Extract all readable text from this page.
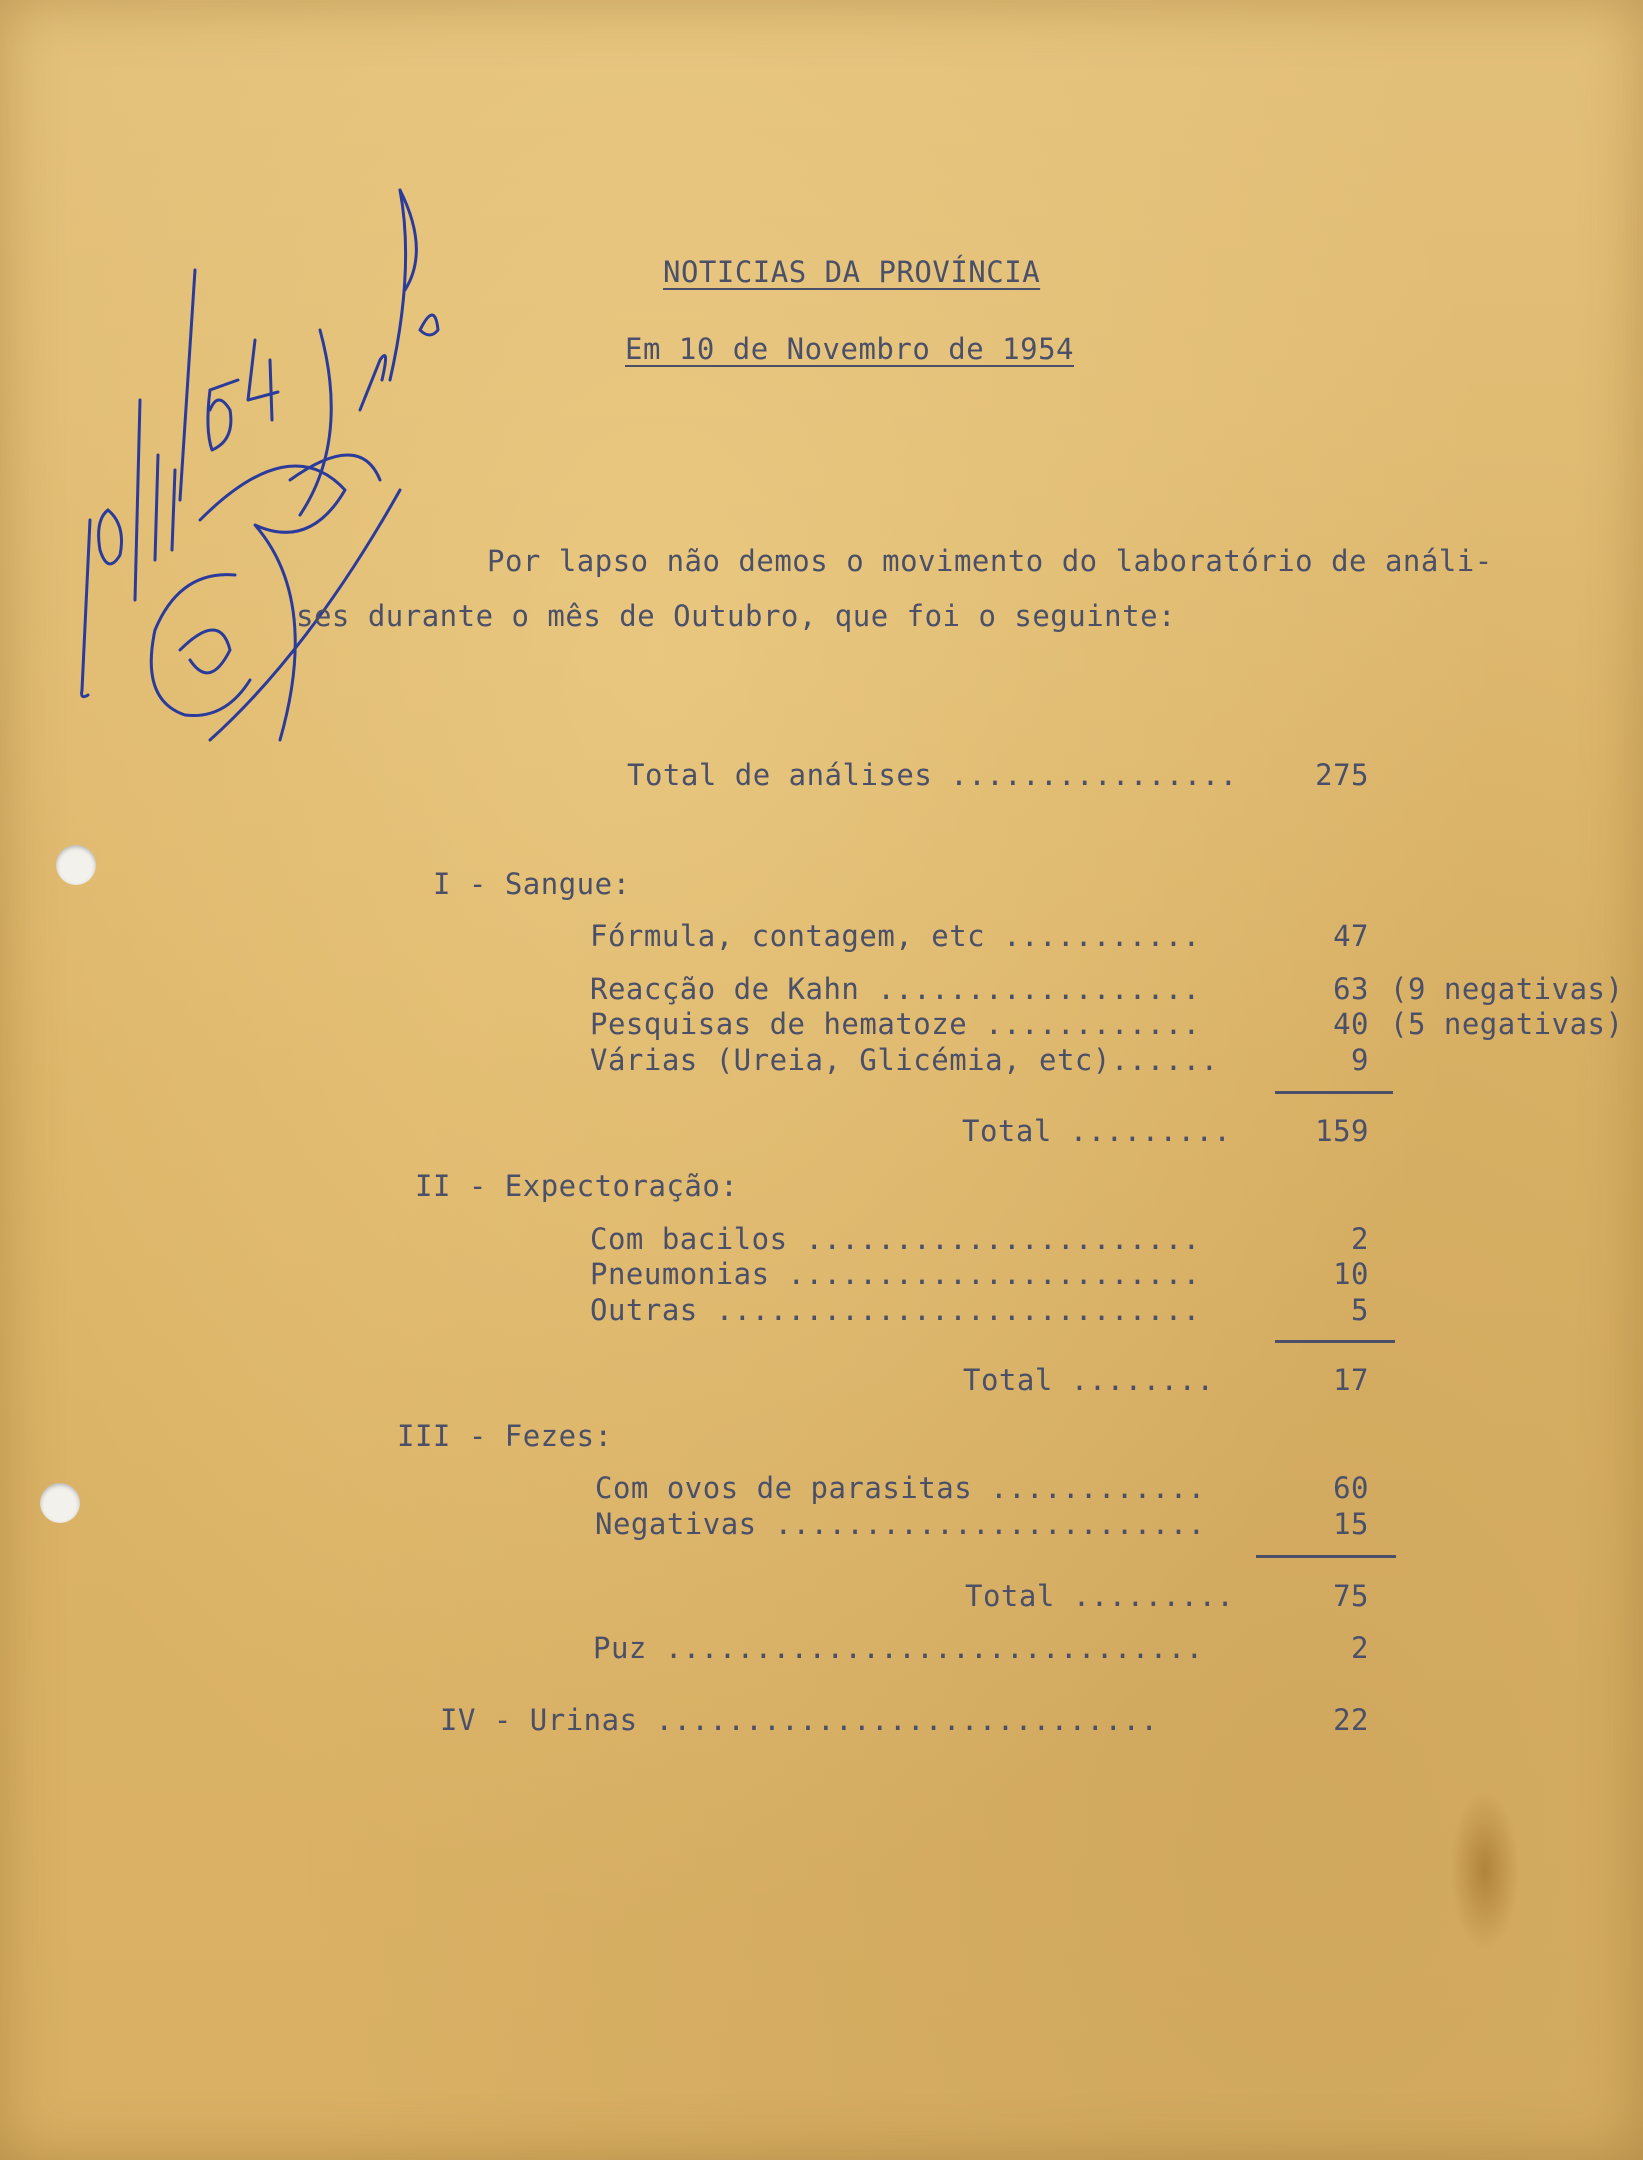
NOTICIAS DA PROVÍNCIA
Em 10 de Novembro de 1954
Por lapso não demos o movimento do laboratório de análi-
ses durante o mês de Outubro, que foi o seguinte:
Total de análises ................	275
I - Sangue:
Fórmula, contagem, etc ...........	47
Reacção de Kahn ..................	63 (9 negativas)
Pesquisas de hematoze ............	40 (5 negativas)
Várias (Ureia, Glicémia, etc)......	9
Total .........	159
II - Expectoração:
Com bacilos ......................	2
Pneumonias .......................	10
Outras ...........................	5
Total ........	17
III - Fezes:
Com ovos de parasitas ............	60
Negativas ........................	15
Total .........	75
Puz ..............................	2
IV - Urinas ............................	22
